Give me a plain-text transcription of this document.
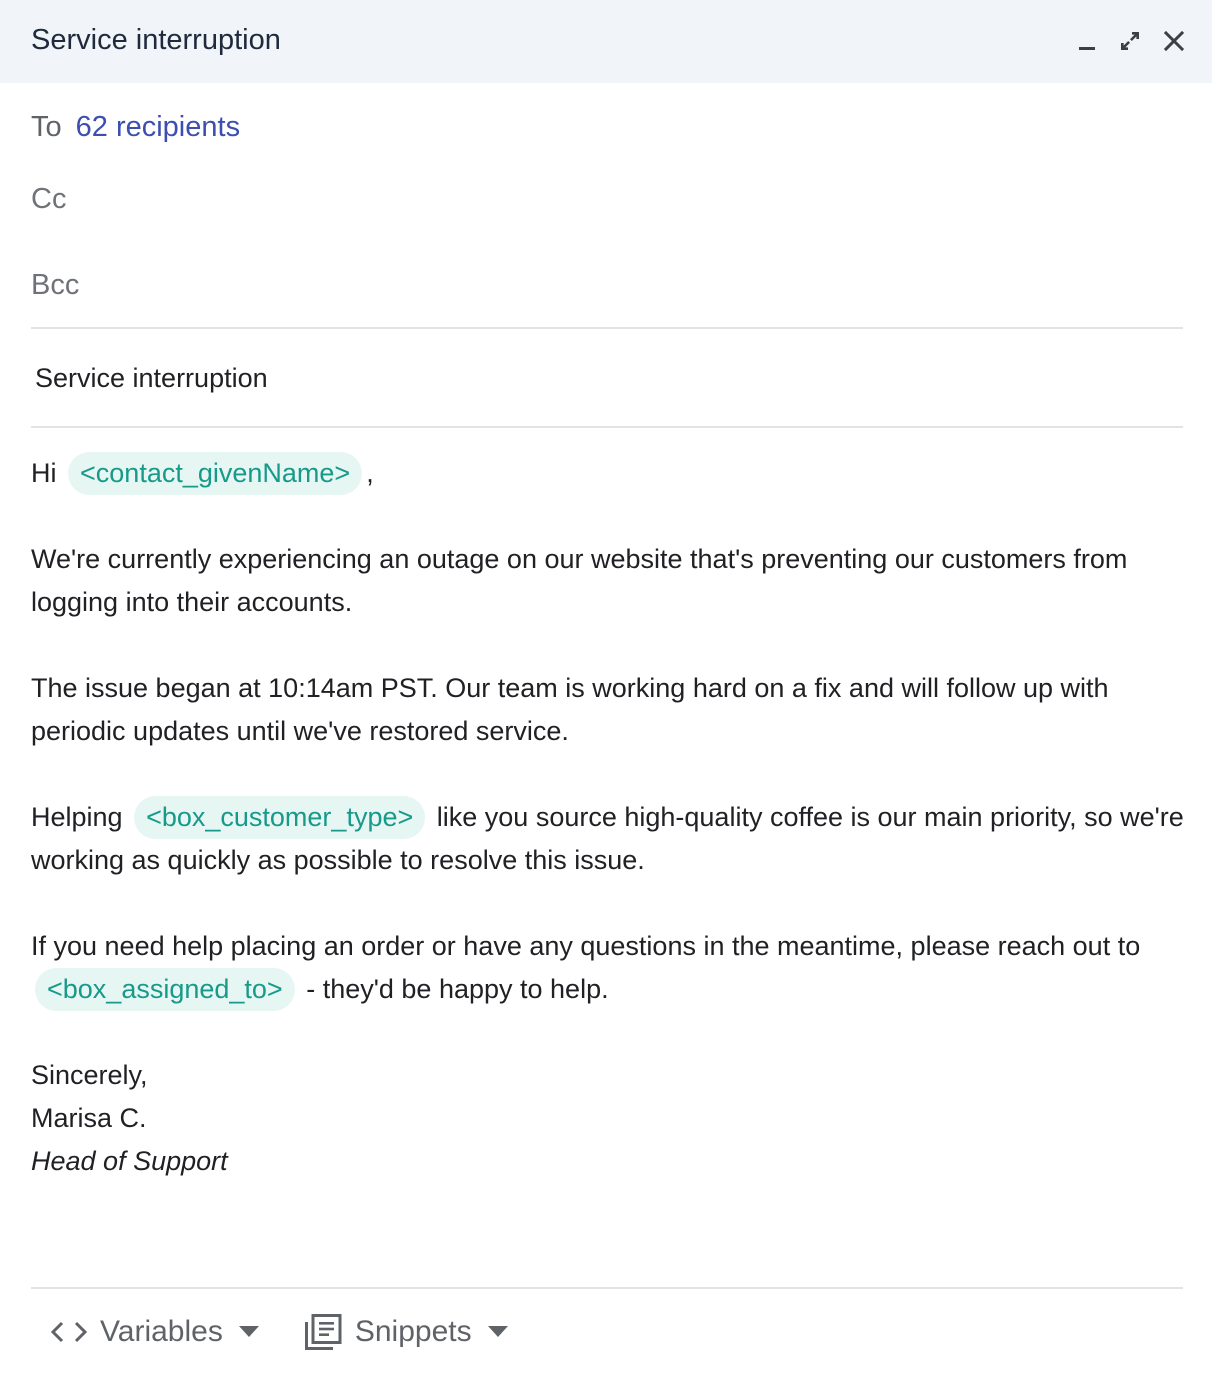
Service interruption
To 62 recipients
Cc
Bcc
Service interruption

Hi <contact_givenName> ,

We're currently experiencing an outage on our website that's preventing our customers from logging into their accounts.

The issue began at 10:14am PST. Our team is working hard on a fix and will follow up with periodic updates until we've restored service.

Helping <box_customer_type> like you source high-quality coffee is our main priority, so we're working as quickly as possible to resolve this issue.

If you need help placing an order or have any questions in the meantime, please reach out to <box_assigned_to> - they'd be happy to help.

Sincerely,

Marisa C.

Head of Support

Variables	Snippets
